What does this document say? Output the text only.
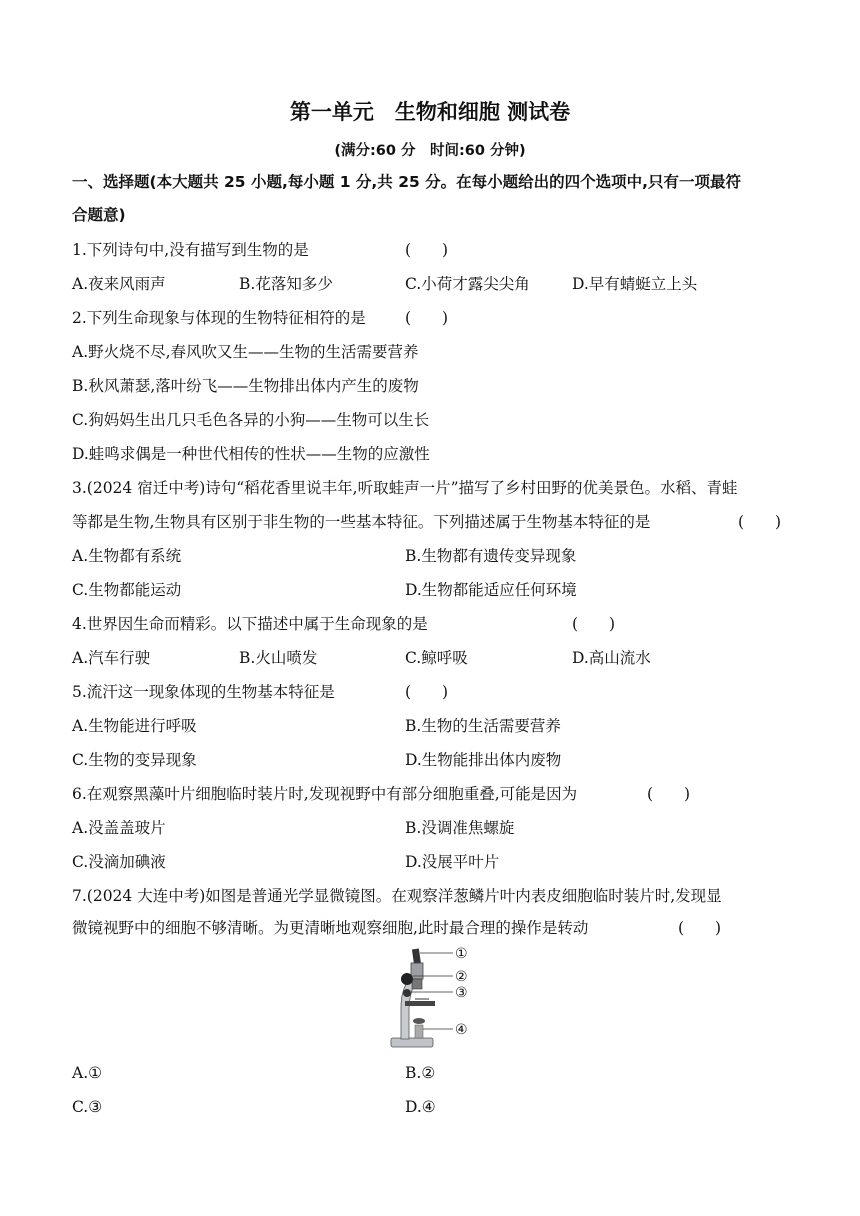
第一单元　生物和细胞 测试卷
(满分:60 分　时间:60 分钟)
一、选择题(本大题共 25 小题,每小题 1 分,共 25 分。在每小题给出的四个选项中,只有一项最符
合题意)
1.下列诗句中,没有描写到生物的是	(　　)
A.夜来风雨声	B.花落知多少	C.小荷才露尖尖角	D.早有蜻蜓立上头
2.下列生命现象与体现的生物特征相符的是	(　　)
A.野火烧不尽,春风吹又生——生物的生活需要营养
B.秋风萧瑟,落叶纷飞——生物排出体内产生的废物
C.狗妈妈生出几只毛色各异的小狗——生物可以生长
D.蛙鸣求偶是一种世代相传的性状——生物的应激性
3.(2024 宿迁中考)诗句“稻花香里说丰年,听取蛙声一片”描写了乡村田野的优美景色。水稻、青蛙
等都是生物,生物具有区别于非生物的一些基本特征。下列描述属于生物基本特征的是	(　　)
A.生物都有系统	B.生物都有遗传变异现象
C.生物都能运动	D.生物都能适应任何环境
4.世界因生命而精彩。以下描述中属于生命现象的是	(　　)
A.汽车行驶	B.火山喷发	C.鲸呼吸	D.高山流水
5.流汗这一现象体现的生物基本特征是	(　　)
A.生物能进行呼吸	B.生物的生活需要营养
C.生物的变异现象	D.生物能排出体内废物
6.在观察黑藻叶片细胞临时装片时,发现视野中有部分细胞重叠,可能是因为	(　　)
A.没盖盖玻片	B.没调准焦螺旋
C.没滴加碘液	D.没展平叶片
7.(2024 大连中考)如图是普通光学显微镜图。在观察洋葱鳞片叶内表皮细胞临时装片时,发现显
微镜视野中的细胞不够清晰。为更清晰地观察细胞,此时最合理的操作是转动	(　　)
①
②
③
④
A.①	B.②
C.③	D.④
